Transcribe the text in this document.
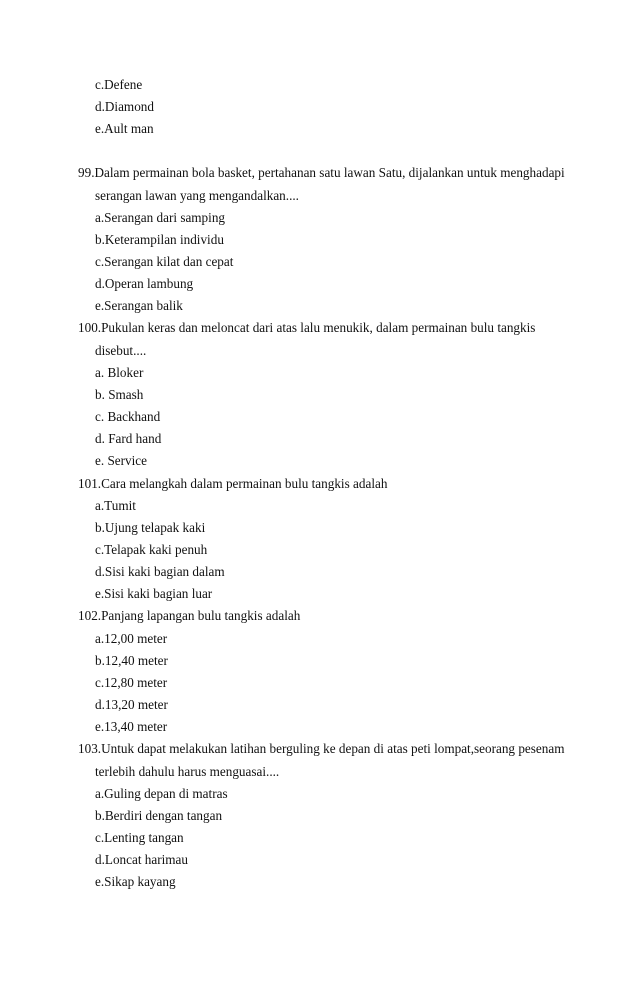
c.Defene
d.Diamond
e.Ault man
99.Dalam permainan bola basket, pertahanan satu lawan Satu, dijalankan untuk menghadapi
serangan lawan yang mengandalkan....
a.Serangan dari samping
b.Keterampilan individu
c.Serangan kilat dan cepat
d.Operan lambung
e.Serangan balik
100.Pukulan keras dan meloncat dari atas lalu menukik, dalam permainan bulu tangkis
disebut....
a. Bloker
b. Smash
c. Backhand
d. Fard hand
e. Service
101.Cara melangkah dalam permainan bulu tangkis adalah
a.Tumit
b.Ujung telapak kaki
c.Telapak kaki penuh
d.Sisi kaki bagian dalam
e.Sisi kaki bagian luar
102.Panjang lapangan bulu tangkis adalah
a.12,00 meter
b.12,40 meter
c.12,80 meter
d.13,20 meter
e.13,40 meter
103.Untuk dapat melakukan latihan berguling ke depan di atas peti lompat,seorang pesenam
terlebih dahulu harus menguasai....
a.Guling depan di matras
b.Berdiri dengan tangan
c.Lenting tangan
d.Loncat harimau
e.Sikap kayang
